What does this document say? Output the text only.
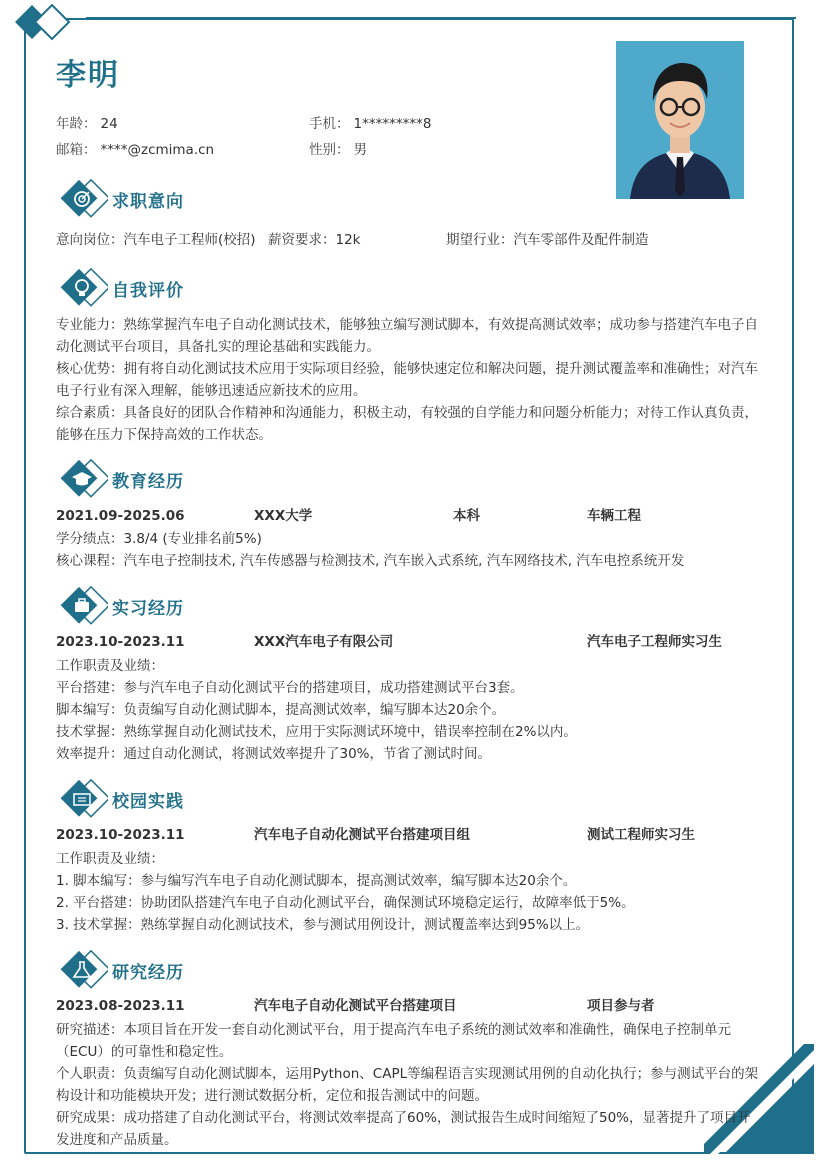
李明
年龄： 24	手机： 1*********8
邮箱： ****@zcmima.cn	性别： 男
求职意向
意向岗位：汽车电子工程师(校招) 薪资要求：12k	期望行业：汽车零部件及配件制造
自我评价
专业能力：熟练掌握汽车电子自动化测试技术，能够独立编写测试脚本，有效提高测试效率；成功参与搭建汽车电子自动化测试平台项目，具备扎实的理论基础和实践能力。
核心优势：拥有将自动化测试技术应用于实际项目经验，能够快速定位和解决问题，提升测试覆盖率和准确性；对汽车电子行业有深入理解，能够迅速适应新技术的应用。
综合素质：具备良好的团队合作精神和沟通能力，积极主动，有较强的自学能力和问题分析能力；对待工作认真负责，能够在压力下保持高效的工作状态。
教育经历
2021.09-2025.06	XXX大学	本科	车辆工程
学分绩点：3.8/4 (专业排名前5%)
核心课程：汽车电子控制技术, 汽车传感器与检测技术, 汽车嵌入式系统, 汽车网络技术, 汽车电控系统开发
实习经历
2023.10-2023.11	XXX汽车电子有限公司	汽车电子工程师实习生
工作职责及业绩：
平台搭建：参与汽车电子自动化测试平台的搭建项目，成功搭建测试平台3套。
脚本编写：负责编写自动化测试脚本，提高测试效率，编写脚本达20余个。
技术掌握：熟练掌握自动化测试技术，应用于实际测试环境中，错误率控制在2%以内。
效率提升：通过自动化测试，将测试效率提升了30%，节省了测试时间。
校园实践
2023.10-2023.11	汽车电子自动化测试平台搭建项目组	测试工程师实习生
工作职责及业绩：
1. 脚本编写：参与编写汽车电子自动化测试脚本，提高测试效率，编写脚本达20余个。
2. 平台搭建：协助团队搭建汽车电子自动化测试平台，确保测试环境稳定运行，故障率低于5%。
3. 技术掌握：熟练掌握自动化测试技术，参与测试用例设计，测试覆盖率达到95%以上。
研究经历
2023.08-2023.11	汽车电子自动化测试平台搭建项目	项目参与者
研究描述：本项目旨在开发一套自动化测试平台，用于提高汽车电子系统的测试效率和准确性，确保电子控制单元（ECU）的可靠性和稳定性。
个人职责：负责编写自动化测试脚本，运用Python、CAPL等编程语言实现测试用例的自动化执行；参与测试平台的架构设计和功能模块开发；进行测试数据分析，定位和报告测试中的问题。
研究成果：成功搭建了自动化测试平台，将测试效率提高了60%，测试报告生成时间缩短了50%，显著提升了项目开发进度和产品质量。
